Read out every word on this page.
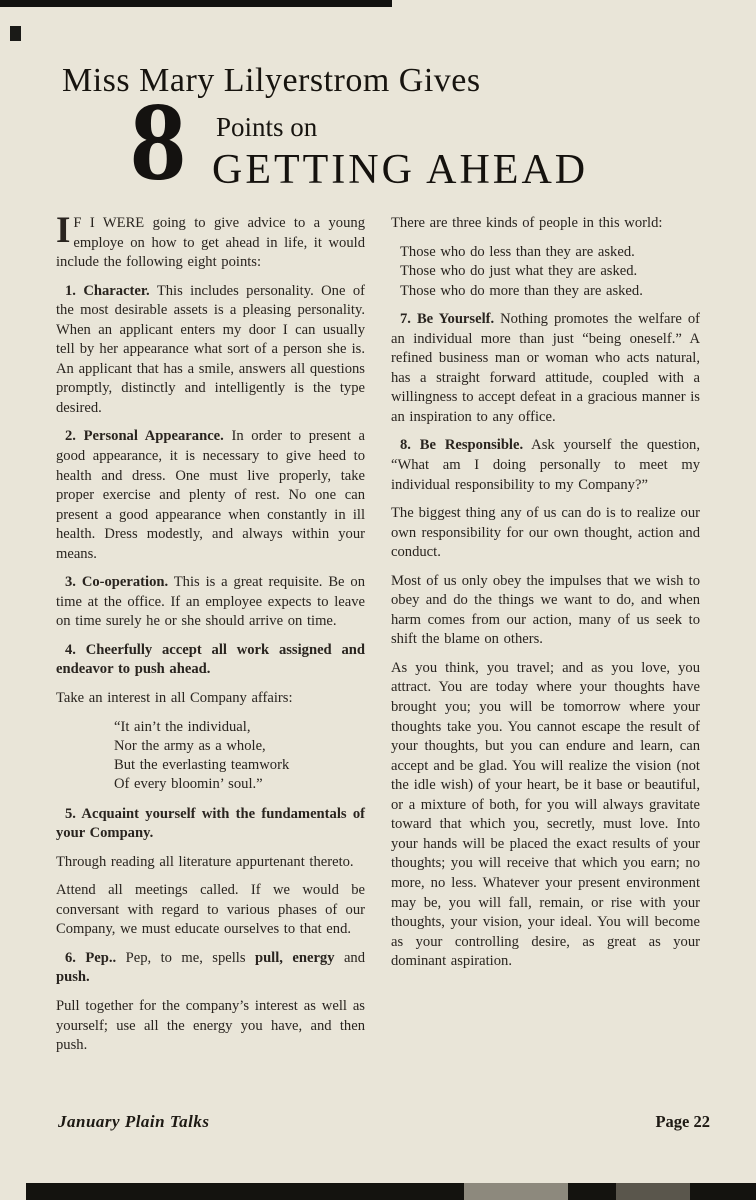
Miss Mary Lilyerstrom Gives
8 Points on
GETTING AHEAD

I F I WERE going to give advice to a young employe on how to get ahead in life, it would include the following eight points:

1. Character. This includes personality. One of the most desirable assets is a pleasing personality. When an applicant enters my door I can usually tell by her appearance what sort of a person she is. An applicant that has a smile, answers all questions promptly, distinctly and intelligently is the type desired.

2. Personal Appearance. In order to present a good appearance, it is necessary to give heed to health and dress. One must live properly, take proper exercise and plenty of rest. No one can present a good appearance when constantly in ill health. Dress modestly, and always within your means.

3. Co-operation. This is a great requisite. Be on time at the office. If an employee expects to leave on time surely he or she should arrive on time.

4. Cheerfully accept all work assigned and endeavor to push ahead.

Take an interest in all Company affairs:

“It ain’t the individual,
Nor the army as a whole,
But the everlasting teamwork
Of every bloomin’ soul.”

5. Acquaint yourself with the fundamentals of your Company.

Through reading all literature appurtenant thereto.

Attend all meetings called. If we would be conversant with regard to various phases of our Company, we must educate ourselves to that end.

6. Pep.. Pep, to me, spells pull, energy and push.

Pull together for the company’s interest as well as yourself; use all the energy you have, and then push.

There are three kinds of people in this world:

Those who do less than they are asked.

Those who do just what they are asked.

Those who do more than they are asked.

7. Be Yourself. Nothing promotes the welfare of an individual more than just “being oneself.” A refined business man or woman who acts natural, has a straight forward attitude, coupled with a willingness to accept defeat in a gracious manner is an inspiration to any office.

8. Be Responsible. Ask yourself the question, “What am I doing personally to meet my individual responsibility to my Company?”

The biggest thing any of us can do is to realize our own responsibility for our own thought, action and conduct.

Most of us only obey the impulses that we wish to obey and do the things we want to do, and when harm comes from our action, many of us seek to shift the blame on others.

As you think, you travel; and as you love, you attract. You are today where your thoughts have brought you; you will be tomorrow where your thoughts take you. You cannot escape the result of your thoughts, but you can endure and learn, can accept and be glad. You will realize the vision (not the idle wish) of your heart, be it base or beautiful, or a mixture of both, for you will always gravitate toward that which you, secretly, must love. Into your hands will be placed the exact results of your thoughts; you will receive that which you earn; no more, no less. Whatever your present environment may be, you will fall, remain, or rise with your thoughts, your vision, your ideal. You will become as your controlling desire, as great as your dominant aspiration.

January Plain Talks	Page 22
